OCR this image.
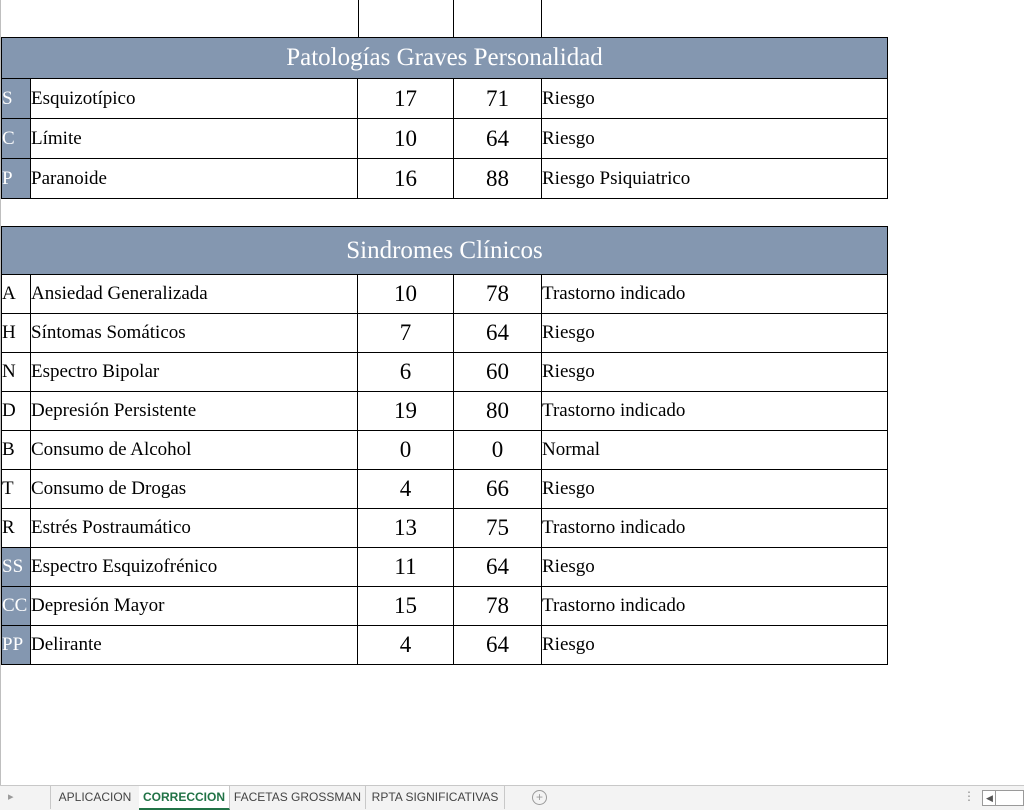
Patologías Graves Personalidad				
S	Esquizotípico	17	71	Riesgo
C	Límite	10	64	Riesgo
P	Paranoide	16	88	Riesgo Psiquiatrico
Sindromes Clínicos				
A	Ansiedad Generalizada	10	78	Trastorno indicado
H	Síntomas Somáticos	7	64	Riesgo
N	Espectro Bipolar	6	60	Riesgo
D	Depresión Persistente	19	80	Trastorno indicado
B	Consumo de Alcohol	0	0	Normal
T	Consumo de Drogas	4	66	Riesgo
R	Estrés Postraumático	13	75	Trastorno indicado
SS	Espectro Esquizofrénico	11	64	Riesgo
CC	Depresión Mayor	15	78	Trastorno indicado
PP	Delirante	4	64	Riesgo
▸	APLICACION CORRECCION FACETAS GROSSMAN RPTA SIGNIFICATIVAS	+	⋮ ◀
